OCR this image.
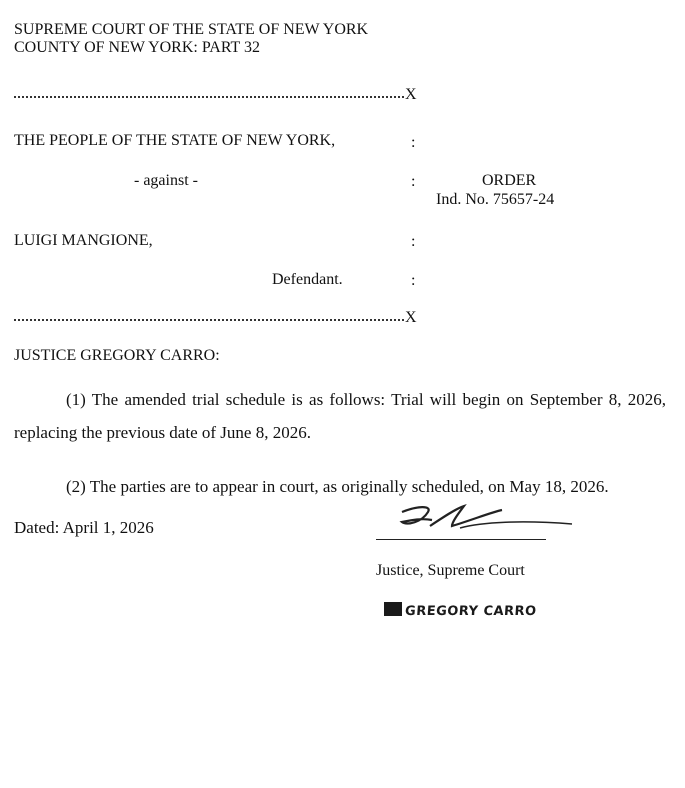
SUPREME COURT OF THE STATE OF NEW YORK
COUNTY OF NEW YORK: PART 32
X
THE PEOPLE OF THE STATE OF NEW YORK,	:
- against -	:	ORDER
Ind. No. 75657-24
LUIGI MANGIONE,	:
Defendant.	:
X
JUSTICE GREGORY CARRO:
(1) The amended trial schedule is as follows: Trial will begin on September 8, 2026, replacing the previous date of June 8, 2026.
(2) The parties are to appear in court, as originally scheduled, on May 18, 2026.
Dated: April 1, 2026
Justice, Supreme Court
GREGORY CARRO
